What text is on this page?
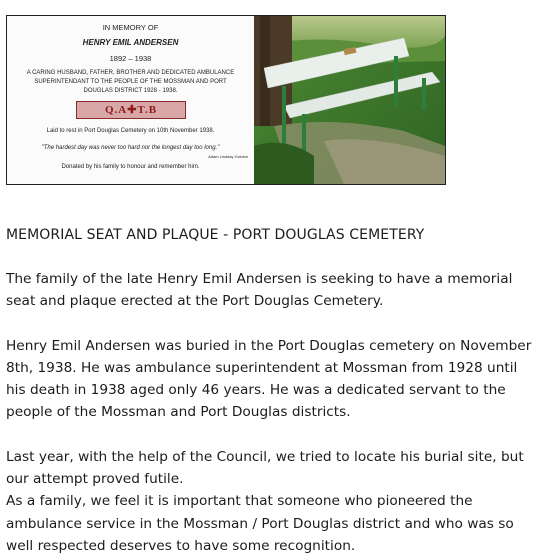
IN MEMORY OF
HENRY EMIL ANDERSEN
1892 – 1938
A CARING HUSBAND, FATHER, BROTHER AND DEDICATED AMBULANCE
SUPERINTENDANT TO THE PEOPLE OF THE MOSSMAN AND PORT
DOUGLAS DISTRICT 1928 - 1938.
Q.A✚T.B
Laid to rest in Port Douglas Cemetery on 10th November 1938.
"The hardest day was never too hard nor the longest day too long."
Adam Lindsay Gordon
Donated by his family to honour and remember him.
MEMORIAL SEAT AND PLAQUE - PORT DOUGLAS CEMETERY

The family of the late Henry Emil Andersen is seeking to have a memorial seat and plaque erected at the Port Douglas Cemetery.

Henry Emil Andersen was buried in the Port Douglas cemetery on November 8th, 1938. He was ambulance superintendent at Mossman from 1928 until his death in 1938 aged only 46 years. He was a dedicated servant to the people of the Mossman and Port Douglas districts.

Last year, with the help of the Council, we tried to locate his burial site, but our attempt proved futile.

As a family, we feel it is important that someone who pioneered the ambulance service in the Mossman / Port Douglas district and who was so well respected deserves to have some recognition.
